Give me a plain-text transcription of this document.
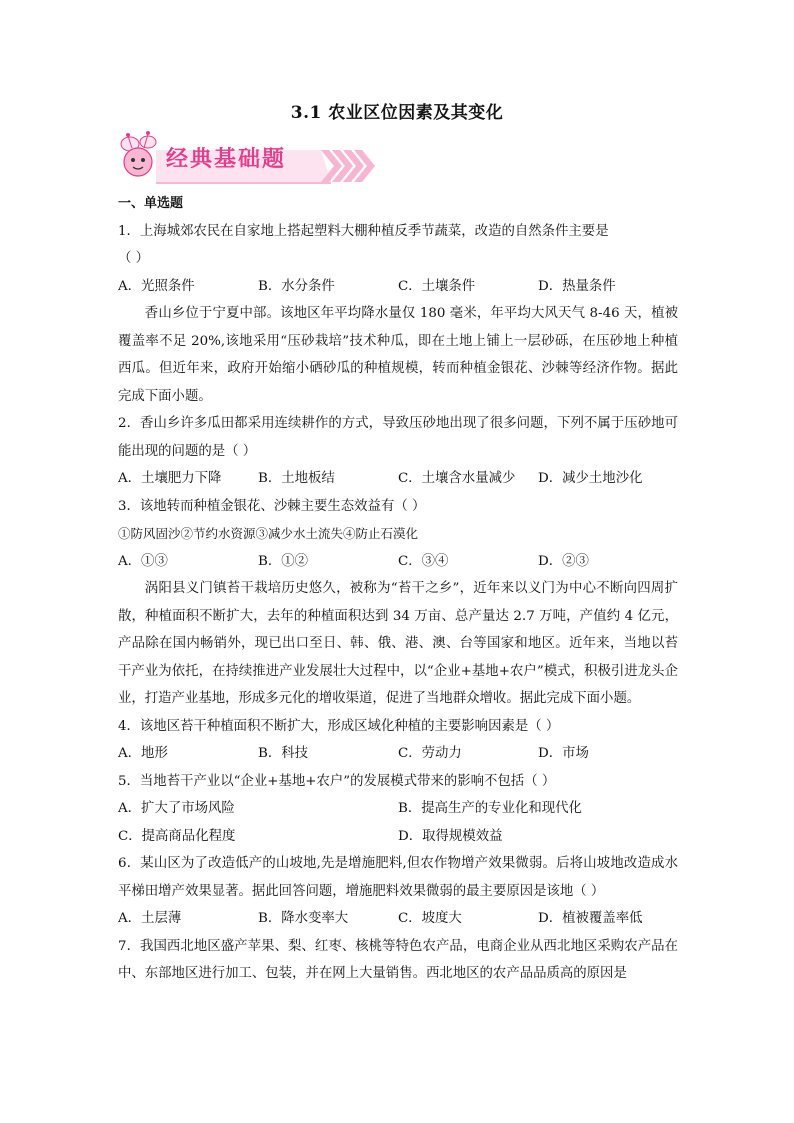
3.1 农业区位因素及其变化
经典基础题
一、单选题
1．上海城郊农民在自家地上搭起塑料大棚种植反季节蔬菜，改造的自然条件主要是
（ ）
A．光照条件	B．水分条件	C．土壤条件	D．热量条件
香山乡位于宁夏中部。该地区年平均降水量仅 180 毫米，年平均大风天气 8-46 天，植被覆盖率不足 20%,该地采用“压砂栽培”技术种瓜，即在土地上铺上一层砂砾，在压砂地上种植西瓜。但近年来，政府开始缩小硒砂瓜的种植规模，转而种植金银花、沙棘等经济作物。据此完成下面小题。
2．香山乡许多瓜田都采用连续耕作的方式，导致压砂地出现了很多问题，下列不属于压砂地可能出现的问题的是（ ）
A．土壤肥力下降	B．土地板结	C．土壤含水量减少	D．减少土地沙化
3．该地转而种植金银花、沙棘主要生态效益有（ ）
①防风固沙②节约水资源③减少水土流失④防止石漠化
A．①③	B．①②	C．③④	D．②③
涡阳县义门镇苔干栽培历史悠久，被称为“苔干之乡”，近年来以义门为中心不断向四周扩散，种植面积不断扩大，去年的种植面积达到 34 万亩、总产量达 2.7 万吨，产值约 4 亿元，产品除在国内畅销外，现已出口至日、韩、俄、港、澳、台等国家和地区。近年来，当地以苔干产业为依托，在持续推进产业发展壮大过程中，以“企业+基地+农户”模式，积极引进龙头企业，打造产业基地，形成多元化的增收渠道，促进了当地群众增收。据此完成下面小题。
4．该地区苔干种植面积不断扩大，形成区域化种植的主要影响因素是（ ）
A．地形	B．科技	C．劳动力	D．市场
5．当地苔干产业以“企业+基地+农户”的发展模式带来的影响不包括（ ）
A．扩大了市场风险	B．提高生产的专业化和现代化
C．提高商品化程度	D．取得规模效益
6．某山区为了改造低产的山坡地,先是增施肥料,但农作物增产效果微弱。后将山坡地改造成水平梯田增产效果显著。据此回答问题，增施肥料效果微弱的最主要原因是该地（ ）
A．土层薄	B．降水变率大	C．坡度大	D．植被覆盖率低
7．我国西北地区盛产苹果、梨、红枣、核桃等特色农产品，电商企业从西北地区采购农产品在中、东部地区进行加工、包装，并在网上大量销售。西北地区的农产品品质高的原因是
